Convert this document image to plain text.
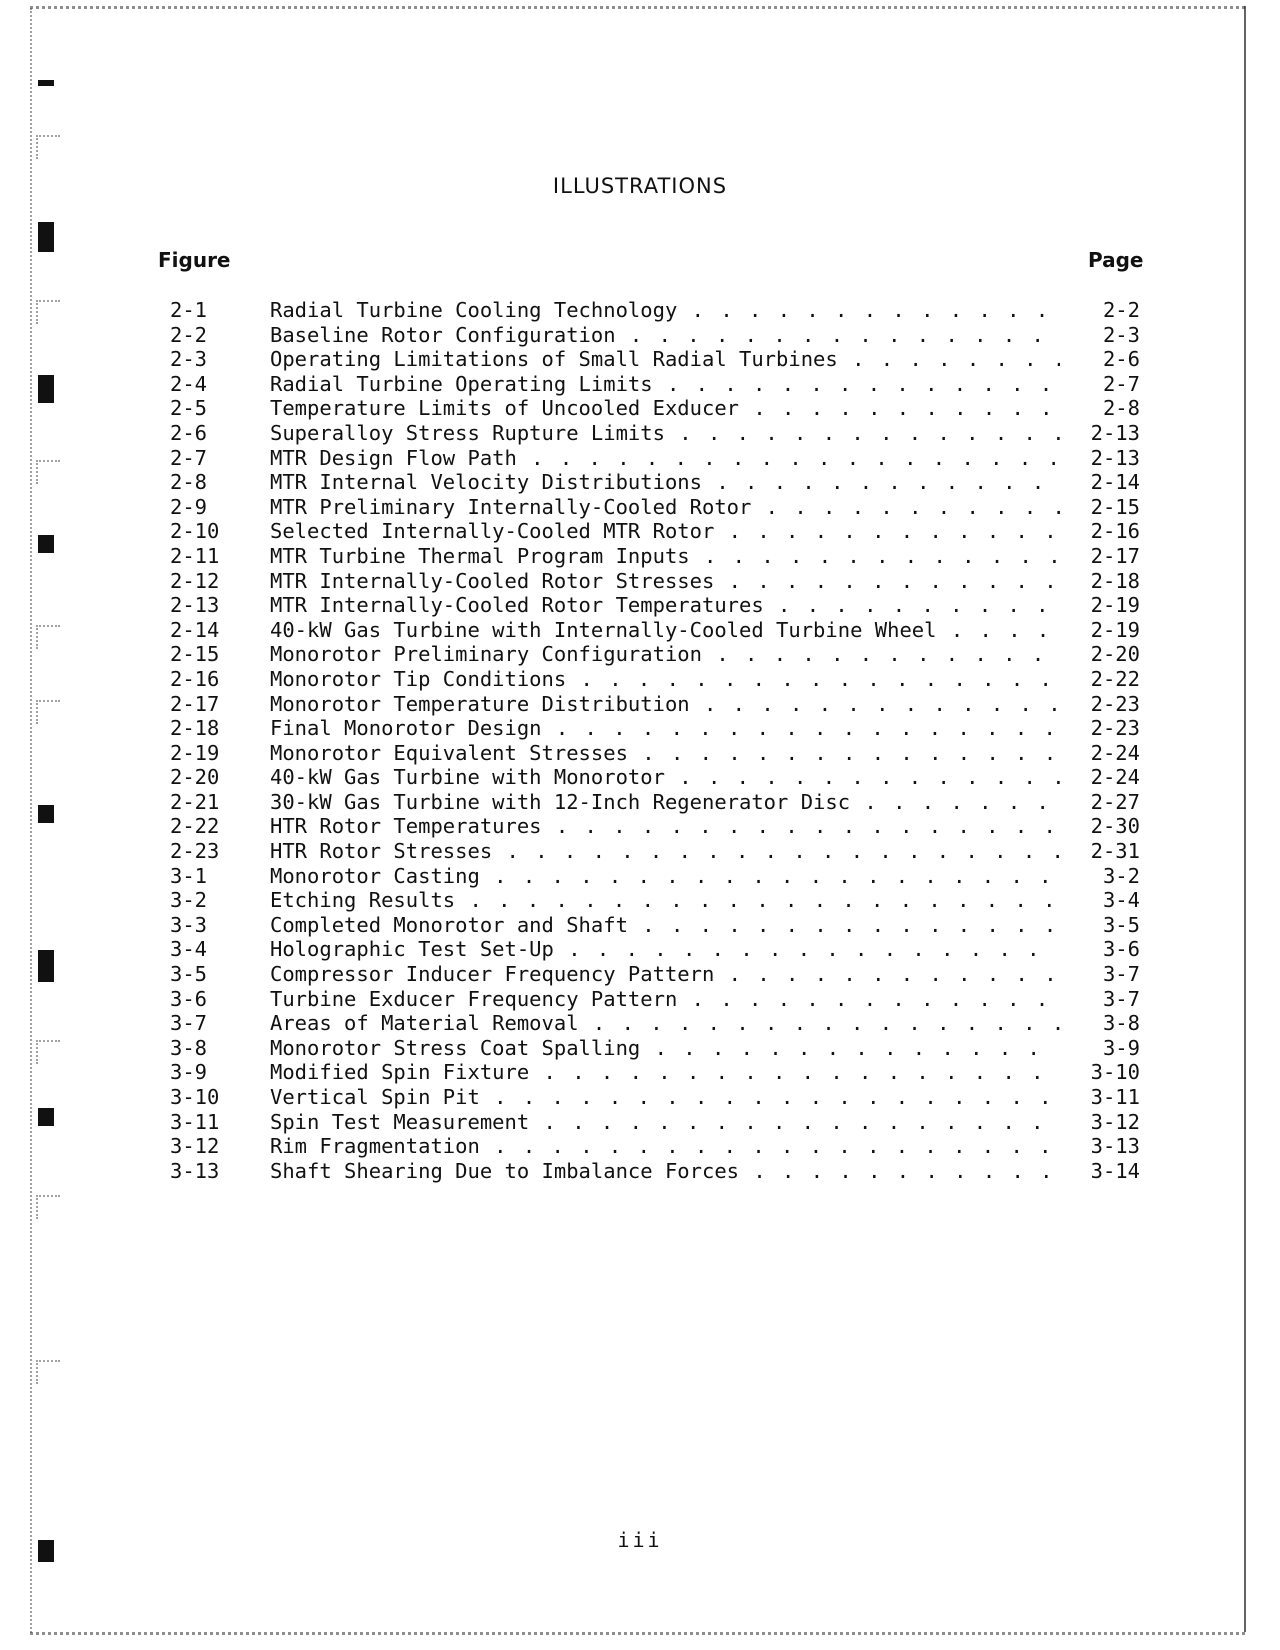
ILLUSTRATIONS
Figure	Page
2-1	Radial Turbine Cooling Technology . . .	2-2
2-2	Baseline Rotor Configuration . . .	2-3
2-3	Operating Limitations of Small Radial Turbines . . .	2-6
2-4	Radial Turbine Operating Limits . . .	2-7
2-5	Temperature Limits of Uncooled Exducer . . .	2-8
2-6	Superalloy Stress Rupture Limits . . .	2-13
2-7	MTR Design Flow Path . . .	2-13
2-8	MTR Internal Velocity Distributions . . .	2-14
2-9	MTR Preliminary Internally-Cooled Rotor . . .	2-15
2-10 Selected Internally-Cooled MTR Rotor . . .	2-16
2-11 MTR Turbine Thermal Program Inputs . . .	2-17
2-12 MTR Internally-Cooled Rotor Stresses . . .	2-18
2-13 MTR Internally-Cooled Rotor Temperatures . . .	2-19
2-14 40-kW Gas Turbine with Internally-Cooled Turbine Wheel . . .	2-19
2-15 Monorotor Preliminary Configuration . . .	2-20
2-16 Monorotor Tip Conditions . . .	2-22
2-17 Monorotor Temperature Distribution . . .	2-23
2-18 Final Monorotor Design . . .	2-23
2-19 Monorotor Equivalent Stresses . . .	2-24
2-20 40-kW Gas Turbine with Monorotor . . .	2-24
2-21 30-kW Gas Turbine with 12-Inch Regenerator Disc . . .	2-27
2-22 HTR Rotor Temperatures . . .	2-30
2-23 HTR Rotor Stresses . . .	2-31
3-1	Monorotor Casting . . .	3-2
3-2	Etching Results . . .	3-4
3-3	Completed Monorotor and Shaft . . .	3-5
3-4	Holographic Test Set-Up . . .	3-6
3-5	Compressor Inducer Frequency Pattern . . .	3-7
3-6	Turbine Exducer Frequency Pattern . . .	3-7
3-7	Areas of Material Removal . . .	3-8
3-8	Monorotor Stress Coat Spalling . . .	3-9
3-9	Modified Spin Fixture . . .	3-10
3-10 Vertical Spin Pit . . .	3-11
3-11 Spin Test Measurement . . .	3-12
3-12 Rim Fragmentation . . .	3-13
3-13 Shaft Shearing Due to Imbalance Forces . . .	3-14
iii
